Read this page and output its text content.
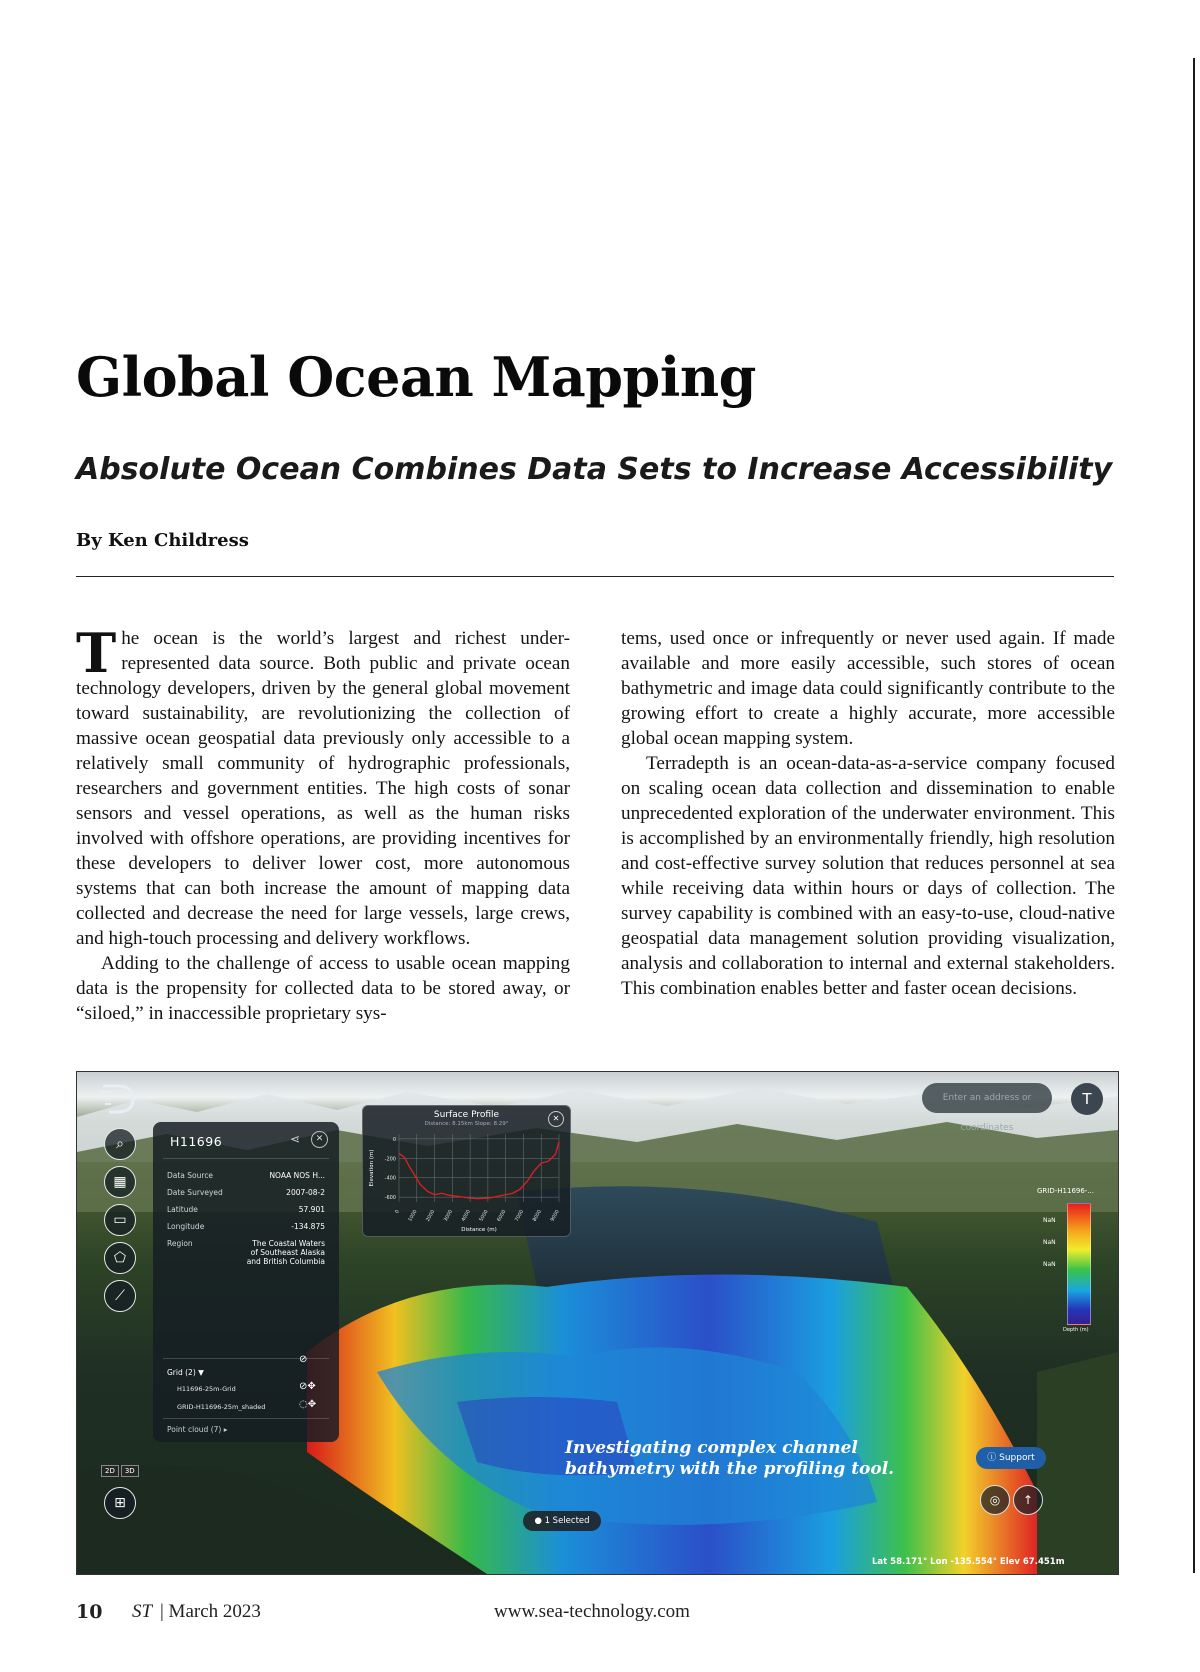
Global Ocean Mapping
Absolute Ocean Combines Data Sets to Increase Accessibility
By Ken Childress

The ocean is the world’s largest and richest under-represented data source. Both public and private ocean technology developers, driven by the general global movement toward sustainability, are revolutionizing the collection of massive ocean geospatial data previously only accessible to a relatively small community of hydrographic professionals, researchers and government entities. The high costs of sonar sensors and vessel operations, as well as the human risks involved with offshore operations, are providing incentives for these developers to deliver lower cost, more autonomous systems that can both increase the amount of mapping data collected and decrease the need for large vessels, large crews, and high-touch processing and delivery workflows.

Adding to the challenge of access to usable ocean mapping data is the propensity for collected data to be stored away, or “siloed,” in inaccessible proprietary sys-

tems, used once or infrequently or never used again. If made available and more easily accessible, such stores of ocean bathymetric and image data could significantly contribute to the growing effort to create a highly accurate, more accessible global ocean mapping system.

Terradepth is an ocean-data-as-a-service company focused on scaling ocean data collection and dissemination to enable unprecedented exploration of the underwater environment. This is accomplished by an environmentally friendly, high resolution and cost-effective survey solution that reduces personnel at sea while receiving data within hours or days of collection. The survey capability is combined with an easy-to-use, cloud-native geospatial data management solution providing visualization, analysis and collaboration to internal and external stakeholders. This combination enables better and faster ocean decisions.

⌕
▦
▭
⬠
⟋
⊞
Enter an address or coordinates
T
H11696	⋖	✕
Data Source	NOAA NOS H...
Date Surveyed	2007-08-2
Latitude	57.901
Longitude	-134.875
Region	The Coastal Waters of Southeast Alaska and British Columbia
Grid (2) ▼
⊘
H11696-25m-Grid	⊘✥
GRID-H11696-25m_shaded	◌✥
Point cloud (7) ▸
Surface Profile
Distance: 8.15km Slope: 8.29°
✕
0
-200
-400
-600
0 1000 2000 3000 4000 5000 6000 7000 8000 9000
Distance (m)
Elevation (m)
GRID-H11696-...
NaN
NaN
NaN
Depth (m)
Investigating complex channel bathymetry with the profiling tool.
ⓘ Support
● 1 Selected
2D 3D
◎	↑
Lat 58.171° Lon -135.554° Elev 67.451m
10 ST | March 2023	www.sea-technology.com
